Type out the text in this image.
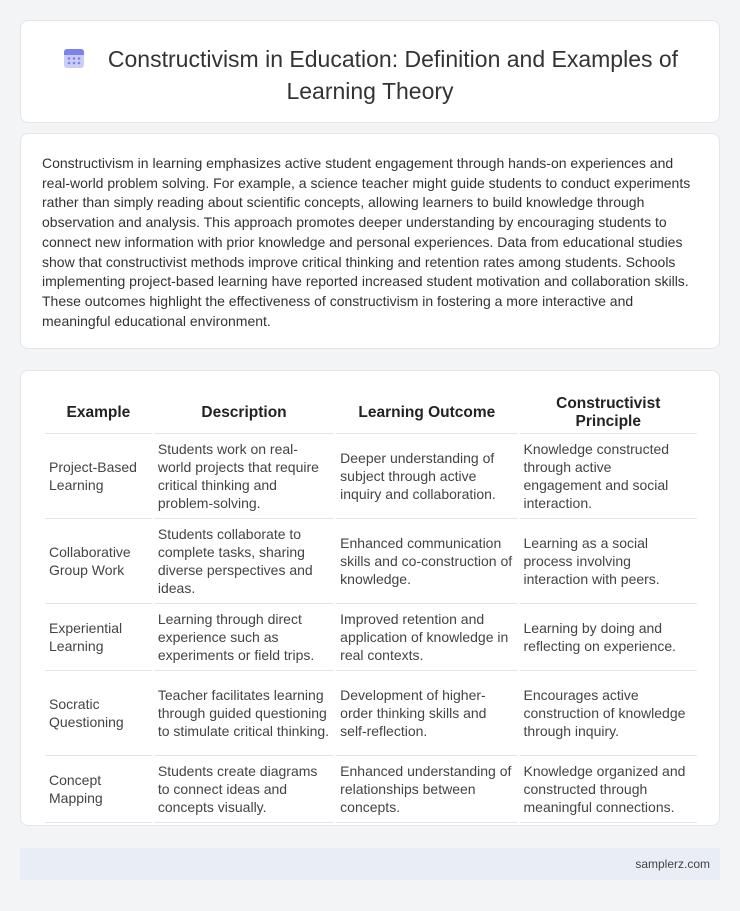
Constructivism in Education: Definition and Examples of Learning Theory

Constructivism in learning emphasizes active student engagement through hands-on experiences and real-world problem solving. For example, a science teacher might guide students to conduct experiments rather than simply reading about scientific concepts, allowing learners to build knowledge through observation and analysis. This approach promotes deeper understanding by encouraging students to connect new information with prior knowledge and personal experiences. Data from educational studies show that constructivist methods improve critical thinking and retention rates among students. Schools implementing project-based learning have reported increased student motivation and collaboration skills. These outcomes highlight the effectiveness of constructivism in fostering a more interactive and meaningful educational environment.

Example	Description	Learning Outcome	Constructivist Principle
Project-Based Learning	Students work on real-world projects that require critical thinking and problem-solving.	Deeper understanding of subject through active inquiry and collaboration.	Knowledge constructed through active engagement and social interaction.
Collaborative Group Work	Students collaborate to complete tasks, sharing diverse perspectives and ideas.	Enhanced communication skills and co-construction of knowledge.	Learning as a social process involving interaction with peers.
Experiential Learning	Learning through direct experience such as experiments or field trips.	Improved retention and application of knowledge in real contexts.	Learning by doing and reflecting on experience.
Socratic Questioning	Teacher facilitates learning through guided questioning to stimulate critical thinking.	Development of higher-order thinking skills and self-reflection.	Encourages active construction of knowledge through inquiry.
Concept Mapping	Students create diagrams to connect ideas and concepts visually.	Enhanced understanding of relationships between concepts.	Knowledge organized and constructed through meaningful connections.
samplerz.com
